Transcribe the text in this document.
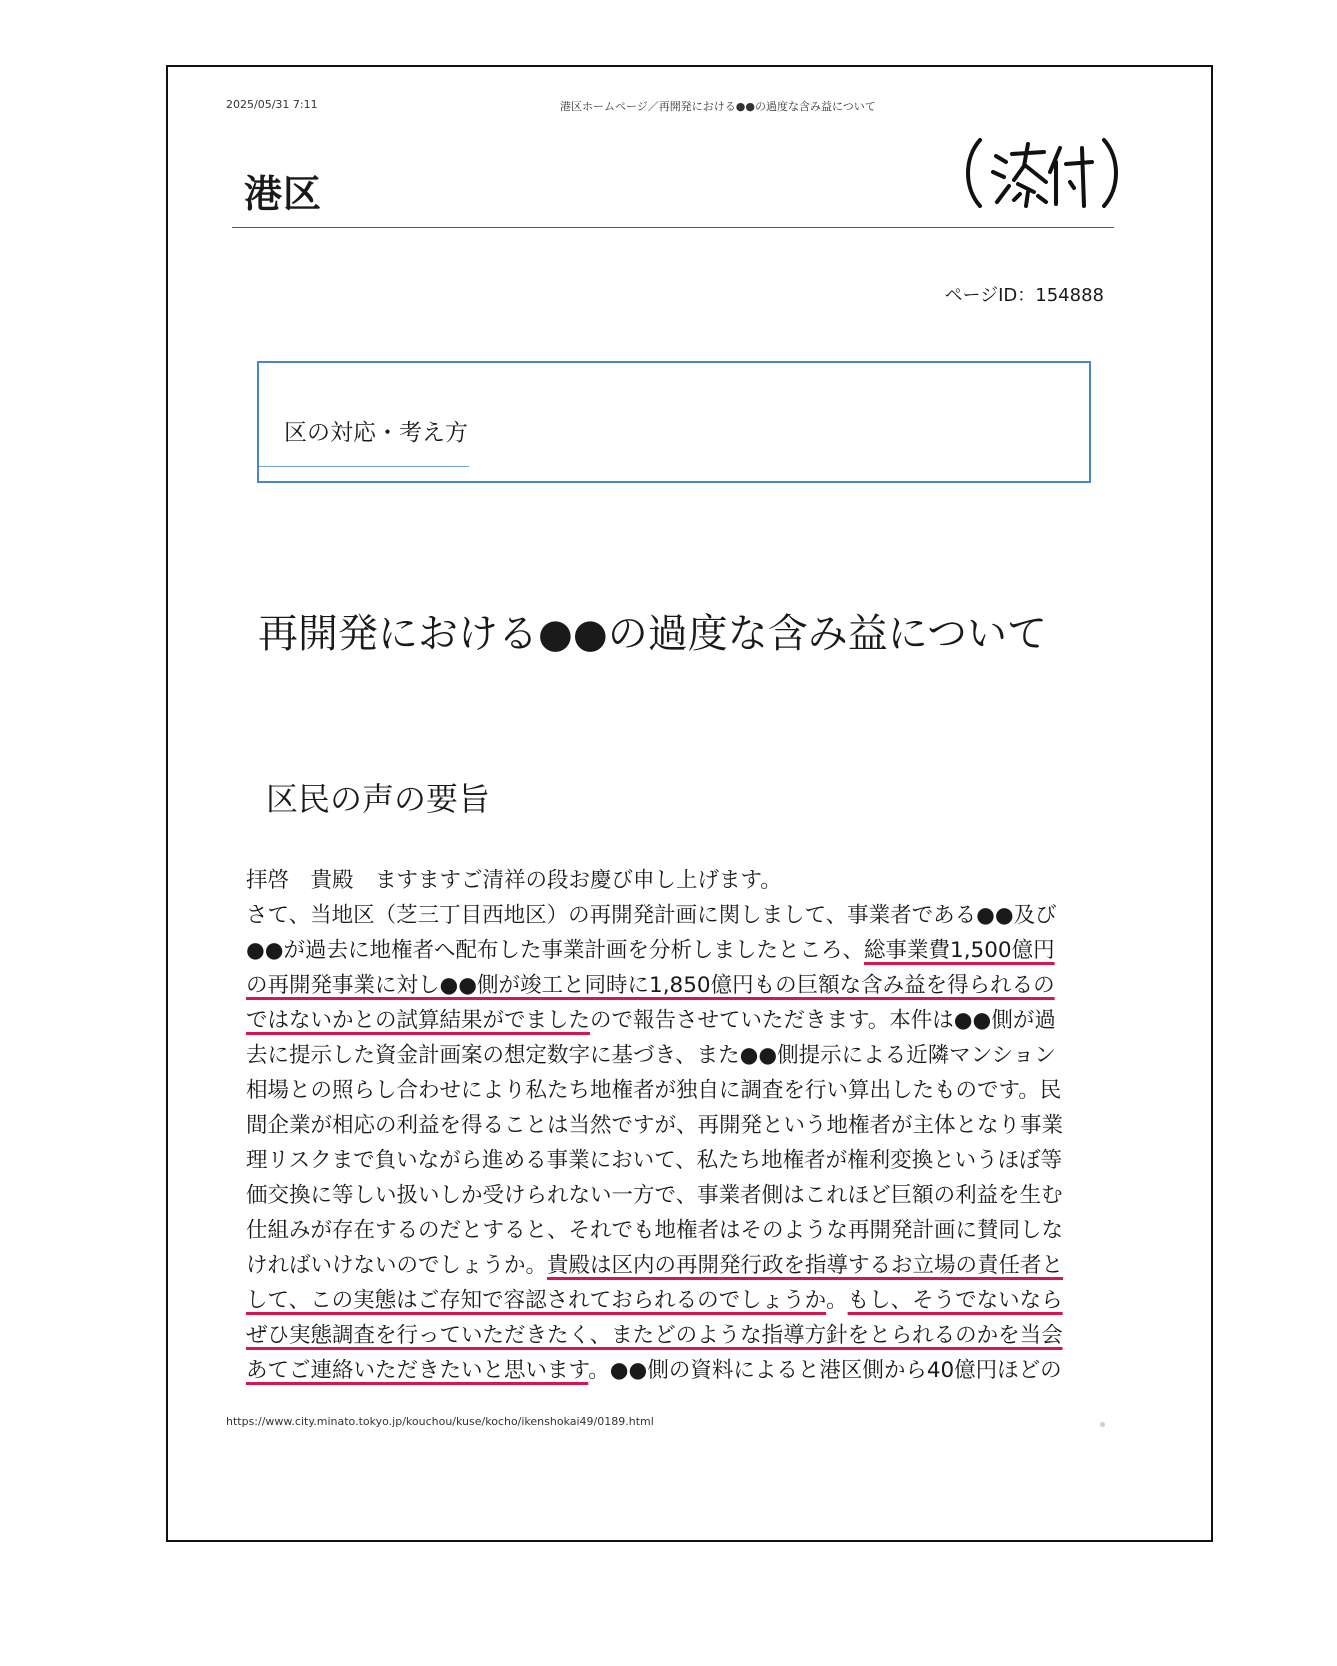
2025/05/31 7:11	港区ホームページ／再開発における●●の過度な含み益について
港区
ページID：154888
区の対応・考え方
再開発における●●の過度な含み益について
区民の声の要旨

拝啓　貴殿　ますますご清祥の段お慶び申し上げます。
さて、当地区（芝三丁目西地区）の再開発計画に関しまして、事業者である●●及び
●●が過去に地権者へ配布した事業計画を分析しましたところ、総事業費1,500億円
の再開発事業に対し●●側が竣工と同時に1,850億円もの巨額な含み益を得られるの
ではないかとの試算結果がでましたので報告させていただきます。本件は●●側が過
去に提示した資金計画案の想定数字に基づき、また●●側提示による近隣マンション
相場との照らし合わせにより私たち地権者が独自に調査を行い算出したものです。民
間企業が相応の利益を得ることは当然ですが、再開発という地権者が主体となり事業
理リスクまで負いながら進める事業において、私たち地権者が権利変換というほぼ等
価交換に等しい扱いしか受けられない一方で、事業者側はこれほど巨額の利益を生む
仕組みが存在するのだとすると、それでも地権者はそのような再開発計画に賛同しな
ければいけないのでしょうか。貴殿は区内の再開発行政を指導するお立場の責任者と
して、この実態はご存知で容認されておられるのでしょうか。もし、そうでないなら
ぜひ実態調査を行っていただきたく、またどのような指導方針をとられるのかを当会
あてご連絡いただきたいと思います。●●側の資料によると港区側から40億円ほどの

https://www.city.minato.tokyo.jp/kouchou/kuse/kocho/ikenshokai49/0189.html
